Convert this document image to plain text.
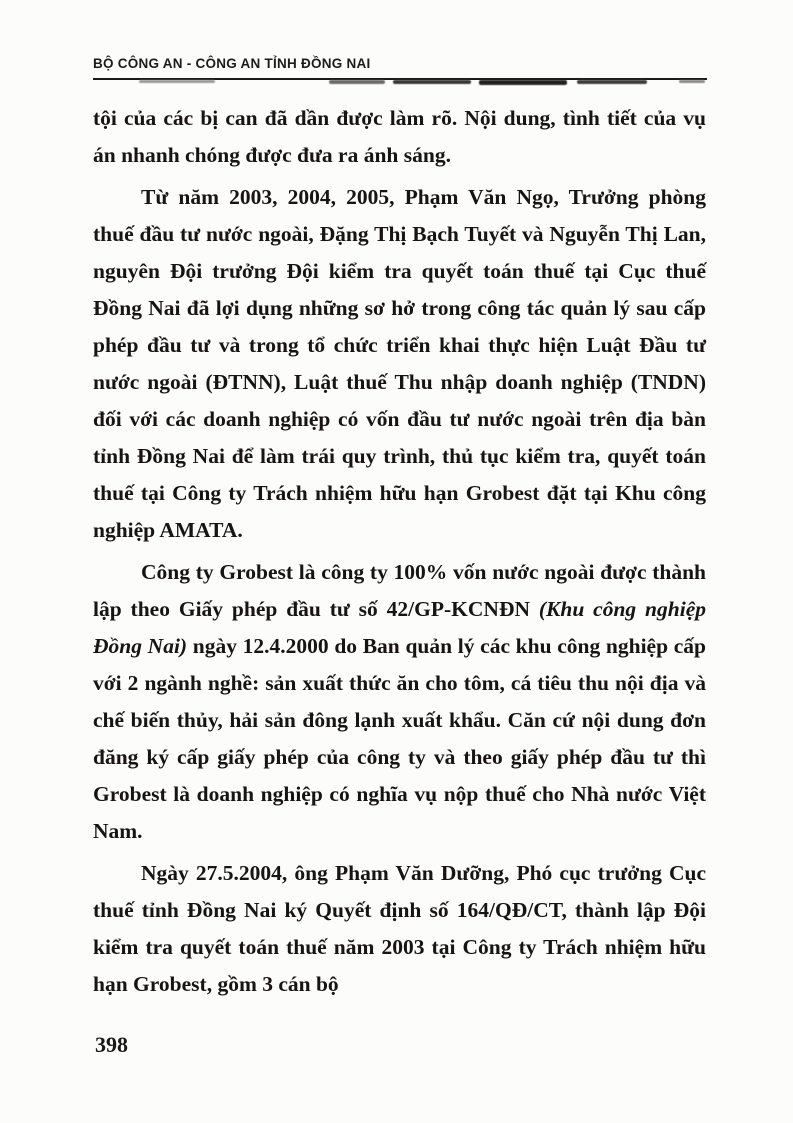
BỘ CÔNG AN - CÔNG AN TỈNH ĐỒNG NAI

tội của các bị can đã dần được làm rõ. Nội dung, tình tiết của vụ án nhanh chóng được đưa ra ánh sáng.

Từ năm 2003, 2004, 2005, Phạm Văn Ngọ, Trưởng phòng thuế đầu tư nước ngoài, Đặng Thị Bạch Tuyết và Nguyễn Thị Lan, nguyên Đội trưởng Đội kiểm tra quyết toán thuế tại Cục thuế Đồng Nai đã lợi dụng những sơ hở trong công tác quản lý sau cấp phép đầu tư và trong tổ chức triển khai thực hiện Luật Đầu tư nước ngoài (ĐTNN), Luật thuế Thu nhập doanh nghiệp (TNDN) đối với các doanh nghiệp có vốn đầu tư nước ngoài trên địa bàn tỉnh Đồng Nai để làm trái quy trình, thủ tục kiểm tra, quyết toán thuế tại Công ty Trách nhiệm hữu hạn Grobest đặt tại Khu công nghiệp AMATA.

Công ty Grobest là công ty 100% vốn nước ngoài được thành lập theo Giấy phép đầu tư số 42/GP-KCNĐN (Khu công nghiệp Đồng Nai) ngày 12.4.2000 do Ban quản lý các khu công nghiệp cấp với 2 ngành nghề: sản xuất thức ăn cho tôm, cá tiêu thu nội địa và chế biến thủy, hải sản đông lạnh xuất khẩu. Căn cứ nội dung đơn đăng ký cấp giấy phép của công ty và theo giấy phép đầu tư thì Grobest là doanh nghiệp có nghĩa vụ nộp thuế cho Nhà nước Việt Nam.

Ngày 27.5.2004, ông Phạm Văn Dưỡng, Phó cục trưởng Cục thuế tỉnh Đồng Nai ký Quyết định số 164/​QĐ/CT, thành lập Đội kiểm tra quyết toán thuế năm 2003 tại Công ty Trách nhiệm hữu hạn Grobest, gồm 3 cán bộ

398
